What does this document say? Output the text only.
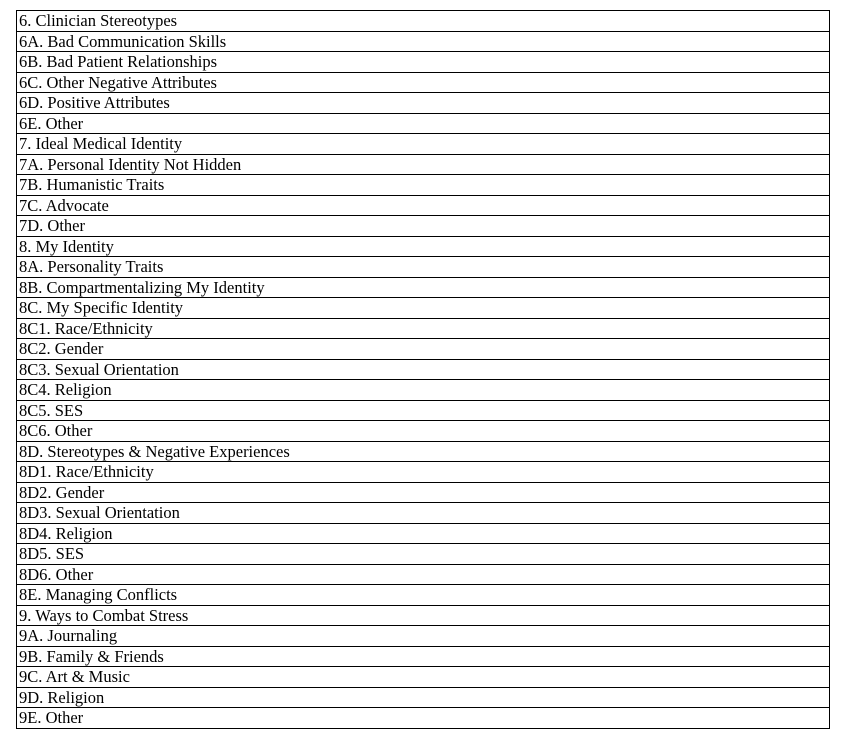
6. Clinician Stereotypes
6A. Bad Communication Skills
6B. Bad Patient Relationships
6C. Other Negative Attributes
6D. Positive Attributes
6E. Other
7. Ideal Medical Identity
7A. Personal Identity Not Hidden
7B. Humanistic Traits
7C. Advocate
7D. Other
8. My Identity
8A. Personality Traits
8B. Compartmentalizing My Identity
8C. My Specific Identity
8C1. Race/Ethnicity
8C2. Gender
8C3. Sexual Orientation
8C4. Religion
8C5. SES
8C6. Other
8D. Stereotypes & Negative Experiences
8D1. Race/Ethnicity
8D2. Gender
8D3. Sexual Orientation
8D4. Religion
8D5. SES
8D6. Other
8E. Managing Conflicts
9. Ways to Combat Stress
9A. Journaling
9B. Family & Friends
9C. Art & Music
9D. Religion
9E. Other
